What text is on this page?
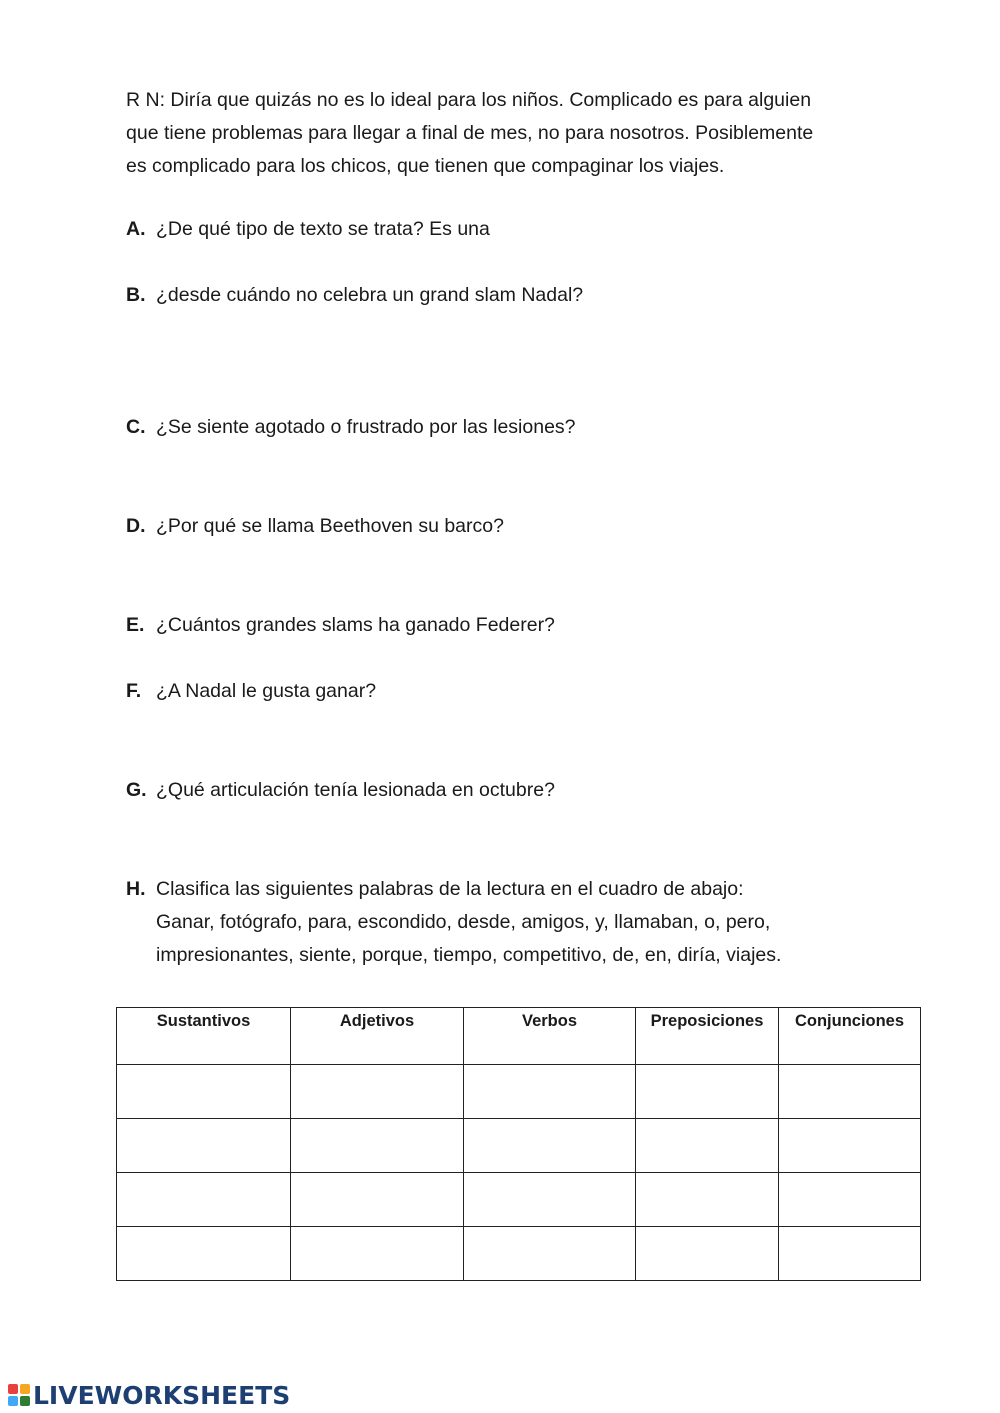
R N: Diría que quizás no es lo ideal para los niños. Complicado es para alguien
que tiene problemas para llegar a final de mes, no para nosotros. Posiblemente
es complicado para los chicos, que tienen que compaginar los viajes.

A. ¿De qué tipo de texto se trata? Es una
B. ¿desde cuándo no celebra un grand slam Nadal?
C. ¿Se siente agotado o frustrado por las lesiones?
D. ¿Por qué se llama Beethoven su barco?
E. ¿Cuántos grandes slams ha ganado Federer?
F. ¿A Nadal le gusta ganar?
G. ¿Qué articulación tenía lesionada en octubre?
H. Clasifica las siguientes palabras de la lectura en el cuadro de abajo:
Ganar, fotógrafo, para, escondido, desde, amigos, y, llamaban, o, pero,
impresionantes, siente, porque, tiempo, competitivo, de, en, diría, viajes.
Sustantivos	Adjetivos	Verbos	Preposiciones	Conjunciones

LIVEWORKSHEETS
